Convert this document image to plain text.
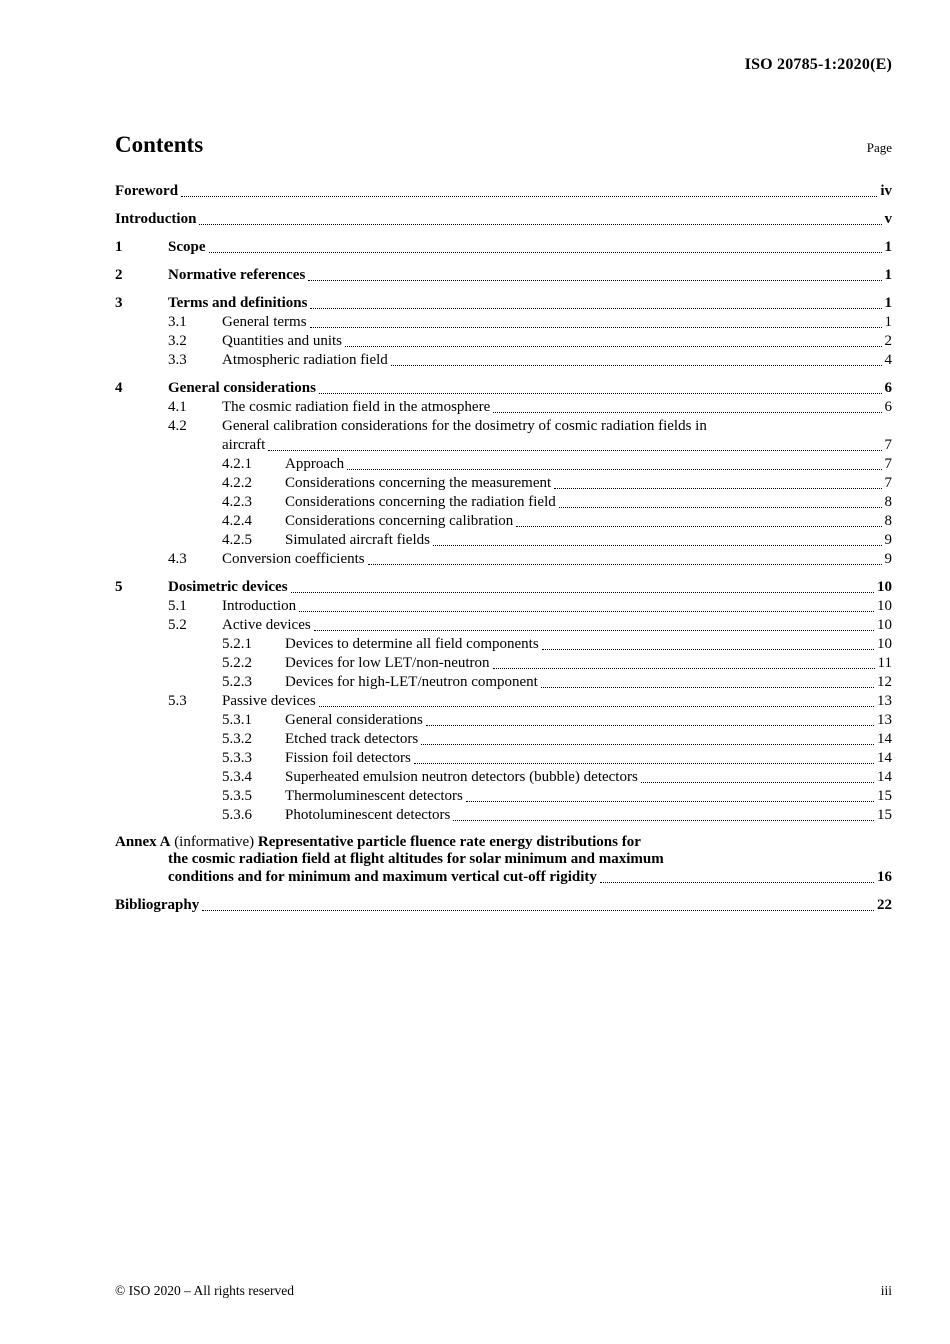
ISO 20785-1:2020(E)
Contents	Page
Foreword	iv
Introduction	v
1	Scope	1
2	Normative references	1
3	Terms and definitions	1
3.1	General terms	1
3.2	Quantities and units	2
3.3	Atmospheric radiation field	4
4	General considerations	6
4.1	The cosmic radiation field in the atmosphere	6
4.2	General calibration considerations for the dosimetry of cosmic radiation fields in
aircraft	7
4.2.1	Approach	7
4.2.2	Considerations concerning the measurement	7
4.2.3	Considerations concerning the radiation field	8
4.2.4	Considerations concerning calibration	8
4.2.5	Simulated aircraft fields	9
4.3	Conversion coefficients	9
5	Dosimetric devices	10
5.1	Introduction	10
5.2	Active devices	10
5.2.1	Devices to determine all field components	10
5.2.2	Devices for low LET/non-neutron	11
5.2.3	Devices for high-LET/neutron component	12
5.3	Passive devices	13
5.3.1	General considerations	13
5.3.2	Etched track detectors	14
5.3.3	Fission foil detectors	14
5.3.4	Superheated emulsion neutron detectors (bubble) detectors	14
5.3.5	Thermoluminescent detectors	15
5.3.6	Photoluminescent detectors	15
Annex A (informative) Representative particle fluence rate energy distributions for
the cosmic radiation field at flight altitudes for solar minimum and maximum
conditions and for minimum and maximum vertical cut-off rigidity	16
Bibliography	22
© ISO 2020 – All rights reserved	iii
